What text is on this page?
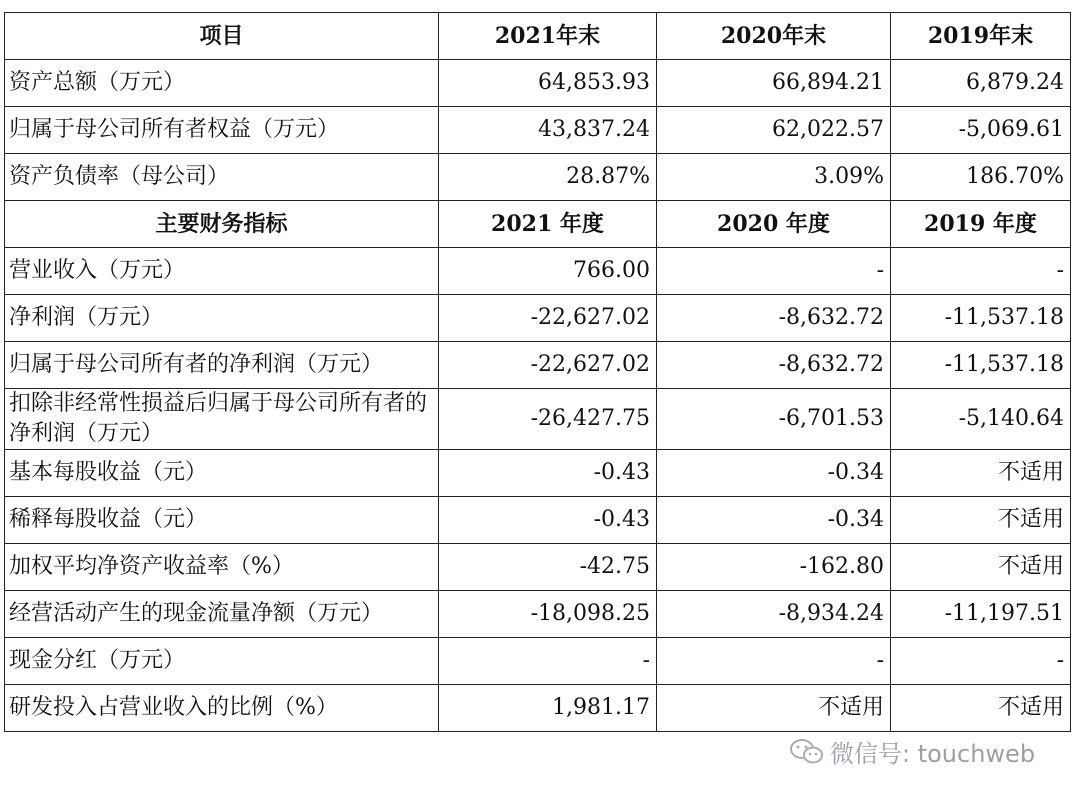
项目	2021年末	2020年末	2019年末
资产总额（万元）	64,853.93	66,894.21	6,879.24
归属于母公司所有者权益（万元）	43,837.24	62,022.57	-5,069.61
资产负债率（母公司）	28.87%	3.09%	186.70%
主要财务指标	2021 年度	2020 年度	2019 年度
营业收入（万元）	766.00	-	-
净利润（万元）	-22,627.02	-8,632.72	-11,537.18
归属于母公司所有者的净利润（万元）	-22,627.02	-8,632.72	-11,537.18
扣除非经常性损益后归属于母公司所有者的净利润（万元）	-26,427.75	-6,701.53	-5,140.64
基本每股收益（元）	-0.43	-0.34	不适用
稀释每股收益（元）	-0.43	-0.34	不适用
加权平均净资产收益率（%）	-42.75	-162.80	不适用
经营活动产生的现金流量净额（万元）	-18,098.25	-8,934.24	-11,197.51
现金分红（万元）	-	-	-
研发投入占营业收入的比例（%）	1,981.17	不适用	不适用
微信号: touchweb
